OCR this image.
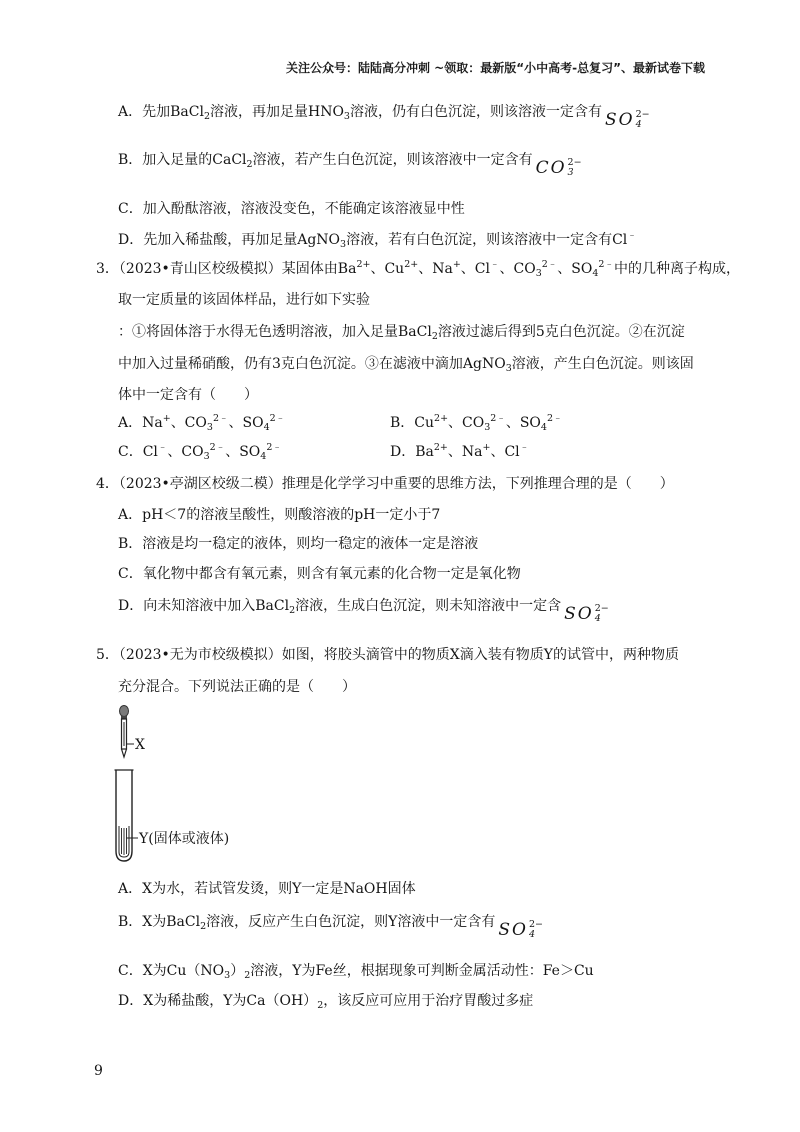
关注公众号：陆陆高分冲刺 ~领取：最新版“小中高考-总复习”、最新试卷下载
A．先加BaCl$_2$溶液，再加足量$HNO_3$溶液，仍有白色沉淀，则该溶液一定含有 SO 2−
4
B．加入足量的CaCl$_2$溶液，若产生白色沉淀，则该溶液中一定含有 CO 2−
3
C．加入酚酞溶液，溶液没变色，不能确定该溶液显中性
D．先加入稀盐酸，再加足量AgNO$_3$溶液，若有白色沉淀，则该溶液中一定含有Cl﹣
3．（2023•青山区校级模拟）某固体由$Ba^{2+}$、$Cu^{2+}$、Na+、Cl﹣、$CO_3^{2﹣}$、$SO_4^{2﹣}$中的几种离子构成，
取一定质量的该固体样品，进行如下实验
：①将固体溶于水得无色透明溶液，加入足量BaCl$_2$溶液过滤后得到5克白色沉淀。②在沉淀
中加入过量稀硝酸，仍有3克白色沉淀。③在滤液中滴加AgNO$_3$溶液，产生白色沉淀。则该固
体中一定含有（　　）
A．Na+、$CO_3^{2﹣}$、$SO_4^{2﹣}$	B．$Cu^{2+}$、$CO_3^{2﹣}$、$SO_4^{2﹣}$
C．Cl﹣、$CO_3^{2﹣}$、$SO_4^{2﹣}$	D．$Ba^{2+}$、Na+、Cl﹣
4．（2023•亭湖区校级二模）推理是化学学习中重要的思维方法，下列推理合理的是（　　）
A．pH＜7的溶液呈酸性，则酸溶液的pH一定小于7
B．溶液是均一稳定的液体，则均一稳定的液体一定是溶液
C．氧化物中都含有氧元素，则含有氧元素的化合物一定是氧化物
D．向未知溶液中加入BaCl$_2$溶液，生成白色沉淀，则未知溶液中一定含 SO 2−
4
5．（2023•无为市校级模拟）如图，将胶头滴管中的物质X滴入装有物质Y的试管中，两种物质
充分混合。下列说法正确的是（　　）
X
Y(固体或液体)
A．X为水，若试管发烫，则Y一定是NaOH固体
B．X为BaCl$_2$溶液，反应产生白色沉淀，则Y溶液中一定含有 SO 2−
4
C．X为$Cu(NO_3)_2$溶液，Y为Fe丝，根据现象可判断金属活动性：Fe＞Cu
D．X为稀盐酸，Y为$Ca(OH)_2$，该反应可应用于治疗胃酸过多症
9
